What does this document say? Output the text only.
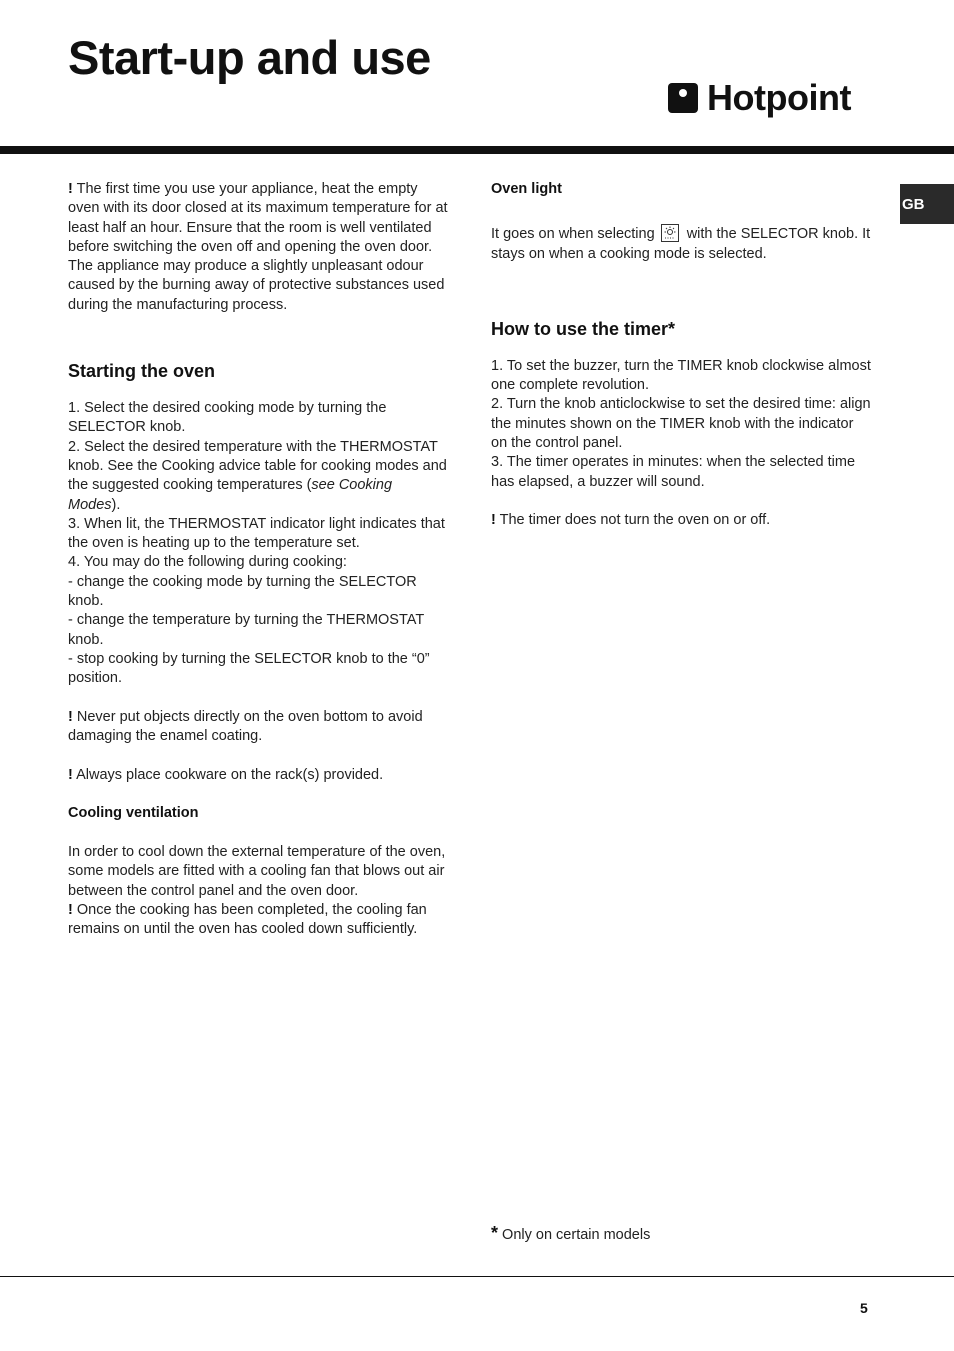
Start-up and use
Hotpoint
GB

! The first time you use your appliance, heat the empty oven with its door closed at its maximum temperature for at least half an hour. Ensure that the room is well ventilated before switching the oven off and opening the oven door. The appliance may produce a slightly unpleasant odour caused by the burning away of protective substances used during the manufacturing process.

Starting the oven

1. Select the desired cooking mode by turning the SELECTOR knob.

2. Select the desired temperature with the THERMOSTAT knob. See the Cooking advice table for cooking modes and the suggested cooking temperatures (see Cooking Modes).

3. When lit, the THERMOSTAT indicator light indicates that the oven is heating up to the temperature set.

4. You may do the following during cooking:

- change the cooking mode by turning the SELECTOR knob.

- change the temperature by turning the THERMOSTAT knob.

- stop cooking by turning the SELECTOR knob to the “0” position.

! Never put objects directly on the oven bottom to avoid damaging the enamel coating.

! Always place cookware on the rack(s) provided.

Cooling ventilation

In order to cool down the external temperature of the oven, some models are fitted with a cooling fan that blows out air between the control panel and the oven door.

! Once the cooking has been completed, the cooling fan remains on until the oven has cooled down sufficiently.

Oven light

It goes on when selecting with the SELECTOR knob. It stays on when a cooking mode is selected.

How to use the timer*

1. To set the buzzer, turn the TIMER knob clockwise almost one complete revolution.

2. Turn the knob anticlockwise to set the desired time: align the minutes shown on the TIMER knob with the indicator on the control panel.

3. The timer operates in minutes: when the selected time has elapsed, a buzzer will sound.

! The timer does not turn the oven on or off.

* Only on certain models
5
